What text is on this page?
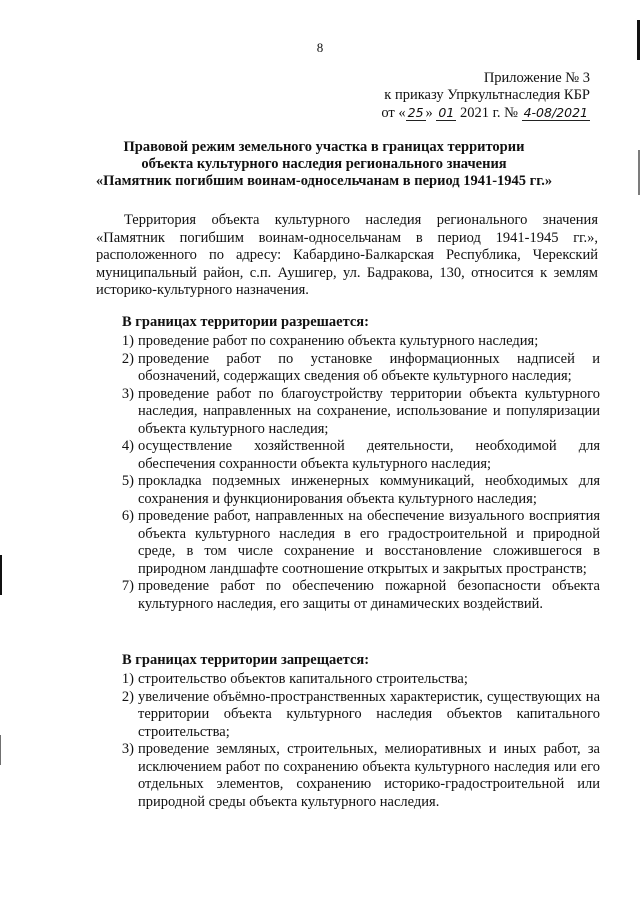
8
Приложение № 3
к приказу Упркультнаследия КБР
от « 25 » 01 2021 г. № 4-08/2021
Правовой режим земельного участка в границах территории
объекта культурного наследия регионального значения
«Памятник погибшим воинам-односельчанам в период 1941-1945 гг.»

Территория объекта культурного наследия регионального значения «Памятник погибшим воинам-односельчанам в период 1941-1945 гг.», расположенного по адресу: Кабардино-Балкарская Республика, Черекский муниципальный район, с.п. Аушигер, ул. Бадракова, 130, относится к землям историко-культурного назначения.

В границах территории разрешается:
1) проведение работ по сохранению объекта культурного наследия;
2) проведение работ по установке информационных надписей и обозначений, содержащих сведения об объекте культурного наследия;
3) проведение работ по благоустройству территории объекта культурного наследия, направленных на сохранение, использование и популяризации объекта культурного наследия;
4) осуществление хозяйственной деятельности, необходимой для обеспечения сохранности объекта культурного наследия;
5) прокладка подземных инженерных коммуникаций, необходимых для сохранения и функционирования объекта культурного наследия;
6) проведение работ, направленных на обеспечение визуального восприятия объекта культурного наследия в его градостроительной и природной среде, в том числе сохранение и восстановление сложившегося в природном ландшафте соотношение открытых и закрытых пространств;
7) проведение работ по обеспечению пожарной безопасности объекта культурного наследия, его защиты от динамических воздействий.
В границах территории запрещается:
1) строительство объектов капитального строительства;
2) увеличение объёмно-пространственных характеристик, существующих на территории объекта культурного наследия объектов капитального строительства;
3) проведение земляных, строительных, мелиоративных и иных работ, за исключением работ по сохранению объекта культурного наследия или его отдельных элементов, сохранению историко-градостроительной или природной среды объекта культурного наследия.
